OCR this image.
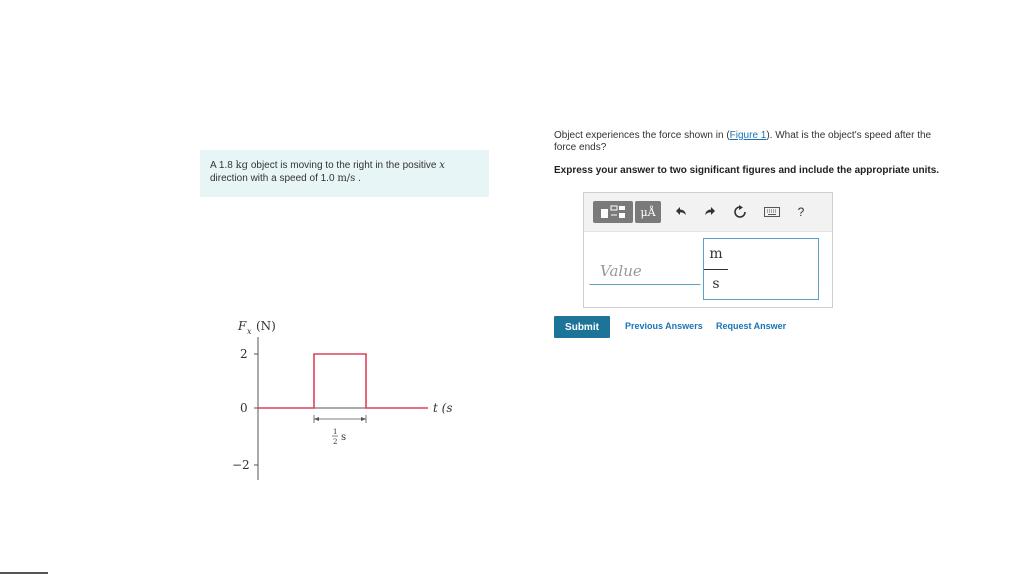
A 1.8 kg object is moving to the right in the positive x
direction with a speed of 1.0 m/s .
F x (N)
2
0
−2
t (s
1
2 s
Object experiences the force shown in (Figure 1). What is the object's speed after the force ends?
Express your answer to two significant figures and include the appropriate units.
μÅ	?
Value
m
s
Submit	Previous Answers Request Answer
